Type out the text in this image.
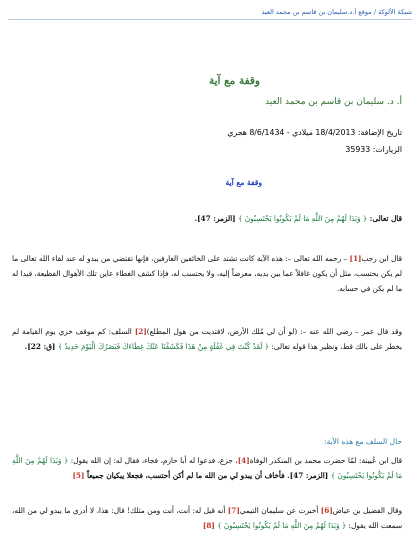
شبكة الألوكة / موقع أ.د.سليمان بن قاسم بن محمد العيد
وقفة مع آية
أ. د. سليمان بن قاسم بن محمد العيد
تاريخ الإضافة: 18/4/2013 ميلادي - 8/6/1434 هجري
الزيارات: 35933
وقفة مع آية
قال تعالى: ﴿ وَبَدَا لَهُمْ مِنَ اللَّهِ مَا لَمْ يَكُونُوا يَحْتَسِبُونَ ﴾ [الزمر: 47].
قال ابن رجب[1] – رحمه الله تعالى –: هذه الآية كانت تشتد على الخائفين العارفين، فإنها تقتضي من يبدو له عند لقاء الله تعالى ما لم يكن يحتسب، مثل أن يكون غافلاً عما بين يديه، معرضاً إليه، ولا يحتسب له، فإذا كشف الغطاء عاين تلك الأهوال الفظيعة، فبدا له ما لم يكن في حسابه.
وقد قال عمر – رضي الله عنه –: (لو أن لي مُلك الأرض، لافتديت من هول المطلع)[2] السلف: كم موقف خزي يوم القيامة لم يخطر على بالك قط، ونظير هذا قوله تعالى: ﴿ لَقَدْ كُنْتَ فِي غَفْلَةٍ مِنْ هَذَا فَكَشَفْنَا عَنْكَ غِطَاءَكَ فَبَصَرُكَ الْيَوْمَ حَدِيدٌ ﴾ [ق: 22].
حال السلف مع هذه الآية:
قال ابن عُيينة: لمّا حضرت محمد بن المنكدر الوفاة[4]، جزع، فدعوا له أبا حازم، فجاء، فقال له: إن الله يقول: ﴿ وَبَدَا لَهُمْ مِنَ اللَّهِ مَا لَمْ يَكُونُوا يَحْتَسِبُونَ ﴾ [الزمر: 47]. فأخاف أن يبدو لي من الله ما لم أكن أحتسب، فجعلا يبكيان جميعاً [5]
وقال الفضيل بن عياض[6] أخبرت عن سليمان التيمي[7] أنه قيل له: أنت، أنت ومن مثلك! قال: هذا، لا أدري ما يبدو لي من الله، سمعت الله يقول: ﴿ وَبَدَا لَهُمْ مِنَ اللَّهِ مَا لَمْ يَكُونُوا يَحْتَسِبُونَ ﴾ [8]
